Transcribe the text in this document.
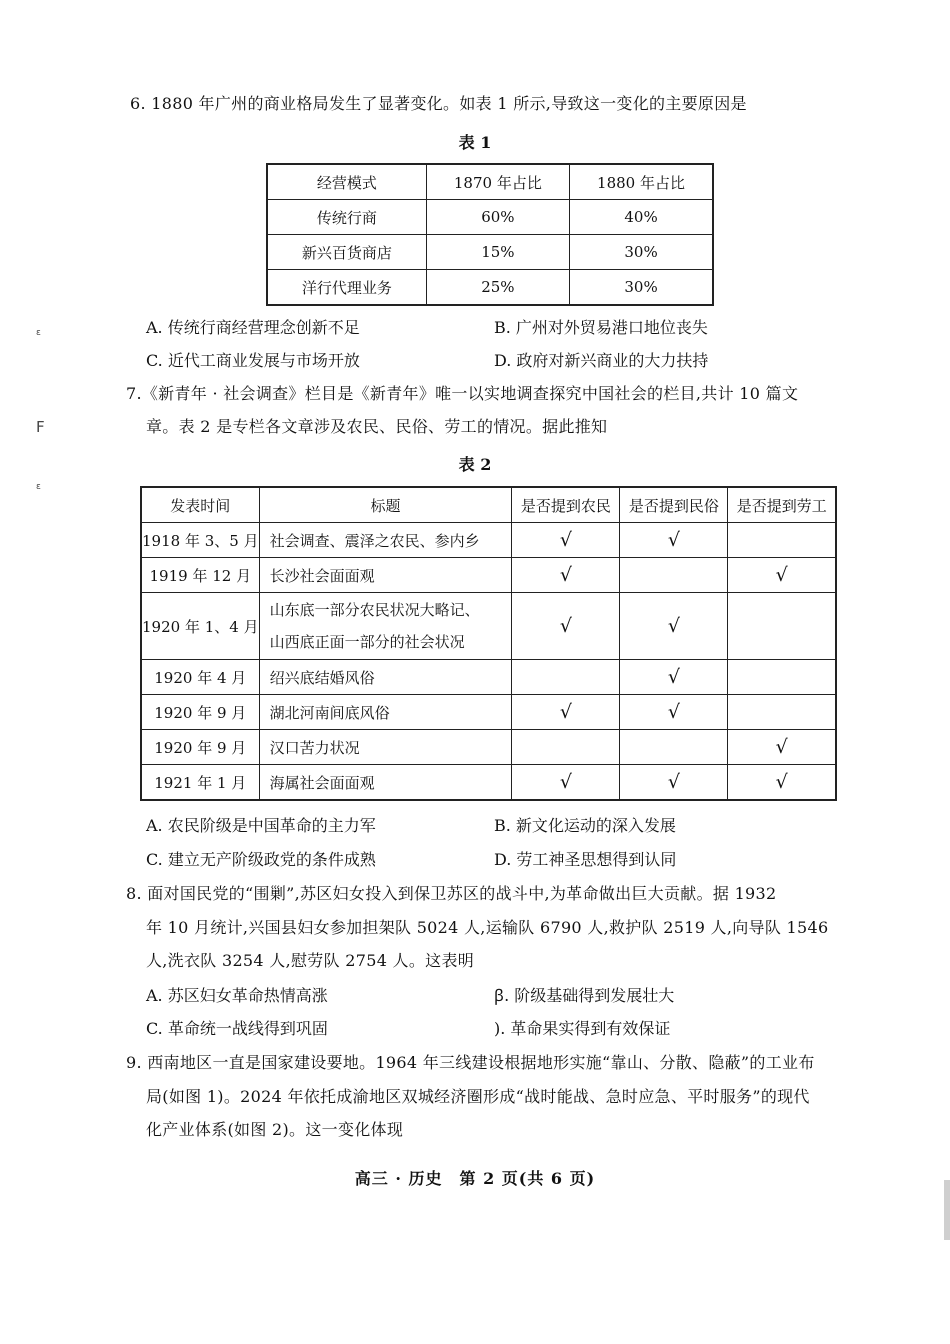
ε
F
ε
6. 1880 年广州的商业格局发生了显著变化。如表 1 所示,导致这一变化的主要原因是
表 1
经营模式	1870 年占比	1880 年占比
传统行商	60%	40%
新兴百货商店	15%	30%
洋行代理业务	25%	30%
A. 传统行商经营理念创新不足	B. 广州对外贸易港口地位丧失
C. 近代工商业发展与市场开放	D. 政府对新兴商业的大力扶持
7.《新青年 · 社会调查》栏目是《新青年》唯一以实地调查探究中国社会的栏目,共计 10 篇文
章。表 2 是专栏各文章涉及农民、民俗、劳工的情况。据此推知
表 2
发表时间	标题	是否提到农民	是否提到民俗	是否提到劳工
1918 年 3、5 月	社会调查、震泽之农民、参内乡	√	√	
1919 年 12 月	长沙社会面面观	√		√
1920 年 1、4 月	山东底一部分农民状况大略记、
山西底正面一部分的社会状况	√	√	
1920 年 4 月	绍兴底结婚风俗		√	
1920 年 9 月	湖北河南间底风俗	√	√	
1920 年 9 月	汉口苦力状况			√
1921 年 1 月	海属社会面面观	√	√	√
A. 农民阶级是中国革命的主力军	B. 新文化运动的深入发展
C. 建立无产阶级政党的条件成熟	D. 劳工神圣思想得到认同
8. 面对国民党的“围剿”,苏区妇女投入到保卫苏区的战斗中,为革命做出巨大贡献。据 1932
年 10 月统计,兴国县妇女参加担架队 5024 人,运输队 6790 人,救护队 2519 人,向导队 1546
人,洗衣队 3254 人,慰劳队 2754 人。这表明
A. 苏区妇女革命热情高涨	ꞵ. 阶级基础得到发展壮大
C. 革命统一战线得到巩固	). 革命果实得到有效保证
9. 西南地区一直是国家建设要地。1964 年三线建设根据地形实施“靠山、分散、隐蔽”的工业布
局(如图 1)。2024 年依托成渝地区双城经济圈形成“战时能战、急时应急、平时服务”的现代
化产业体系(如图 2)。这一变化体现
高三 · 历史　第 2 页(共 6 页)
